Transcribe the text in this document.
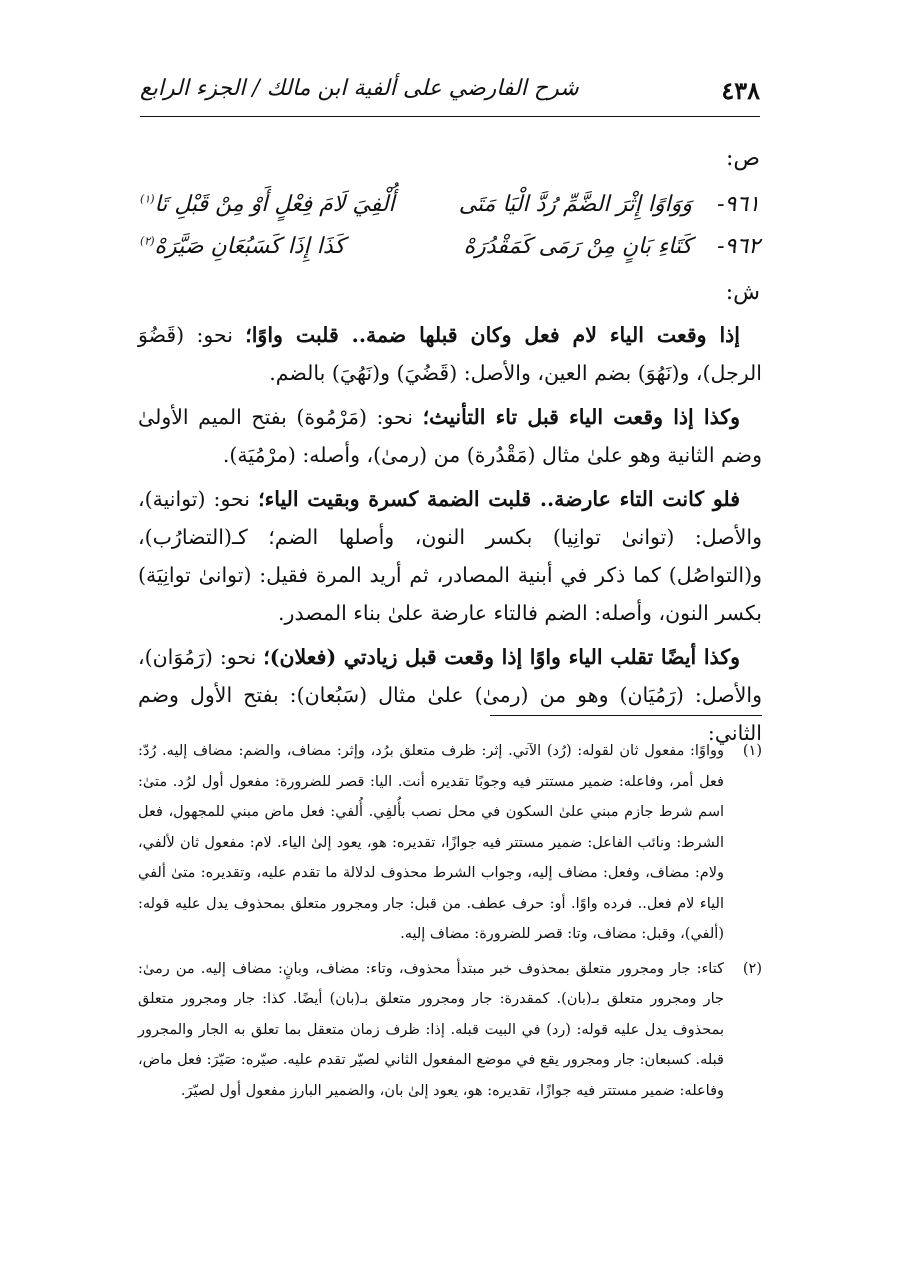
٤٣٨
شرح الفارضي على ألفية ابن مالك / الجزء الرابع
ص:
٩٦١-
وَوَاوًا إِثْرَ الضَّمِّ رُدَّ الْيَا مَتَى
أُلْفِيَ لَامَ فِعْلٍ أَوْ مِنْ قَبْلِ تَا$^{(١)}$
٩٦٢-
كَتَاءِ بَانٍ مِنْ رَمَى كَمَقْدُرَهْ
كَذَا إِذَا كَسَبُعَانِ صَيَّرَهْ$^{(٢)}$
ش:

إذا وقعت الياء لام فعل وكان قبلها ضمة.. قلبت واوًا؛ نحو: (قَضُوَ الرجل)، و(نَهُوَ) بضم العين، والأصل: (قَضُيَ) و(نَهُيَ) بالضم.

وكذا إذا وقعت الياء قبل تاء التأنيث؛ نحو: (مَرْمُوة) بفتح الميم الأولىٰ وضم الثانية وهو علىٰ مثال (مَقْدُرة) من (رمىٰ)، وأصله: (مرْمُيَة).

فلو كانت التاء عارضة.. قلبت الضمة كسرة وبقيت الياء؛ نحو: (توانية)، والأصل: (توانىٰ توانِيا) بكسر النون، وأصلها الضم؛ كـ(التضارُب)، و(التواصُل) كما ذكر في أبنية المصادر، ثم أريد المرة فقيل: (توانىٰ توانِيَة) بكسر النون، وأصله: الضم فالتاء عارضة علىٰ بناء المصدر.

وكذا أيضًا تقلب الياء واوًا إذا وقعت قبل زيادتي (فعلان)؛ نحو: (رَمُوَان)، والأصل: (رَمُيَان) وهو من (رمىٰ) علىٰ مثال (سَبُعان): بفتح الأول وضم الثاني:

(١)
وواوًا: مفعول ثان لقوله: (رُد) الآتي. إثر: ظرف متعلق برُد، وإثر: مضاف، والضم: مضاف إليه. رُدّ: فعل أمر، وفاعله: ضمير مستتر فيه وجوبًا تقديره أنت. اليا: قصر للضرورة: مفعول أول لرُد. متىٰ: اسم شرط جازم مبني علىٰ السكون في محل نصب بأُلفِي. أُلفي: فعل ماض مبني للمجهول، فعل الشرط: ونائب الفاعل: ضمير مستتر فيه جوازًا، تقديره: هو، يعود إلىٰ الياء. لام: مفعول ثان لألفي، ولام: مضاف، وفعل: مضاف إليه، وجواب الشرط محذوف لدلالة ما تقدم عليه، وتقديره: متىٰ ألفي الياء لام فعل.. فرده واوًا. أو: حرف عطف. من قبل: جار ومجرور متعلق بمحذوف يدل عليه قوله: (ألفي)، وقبل: مضاف، وتا: قصر للضرورة: مضاف إليه.
(٢)
كتاء: جار ومجرور متعلق بمحذوف خبر مبتدأ محذوف، وتاء: مضاف، وبانٍ: مضاف إليه. من رمىٰ: جار ومجرور متعلق بـ(بان). كمقدرة: جار ومجرور متعلق بـ(بان) أيضًا. كذا: جار ومجرور متعلق بمحذوف يدل عليه قوله: (رد) في البيت قبله. إذا: ظرف زمان متعقل بما تعلق به الجار والمجرور قبله. كسبعان: جار ومجرور يقع في موضع المفعول الثاني لصيّر تقدم عليه. صيّره: صَيّرَ: فعل ماض، وفاعله: ضمير مستتر فيه جوازًا، تقديره: هو، يعود إلىٰ بان، والضمير البارز مفعول أول لصيّرَ.
